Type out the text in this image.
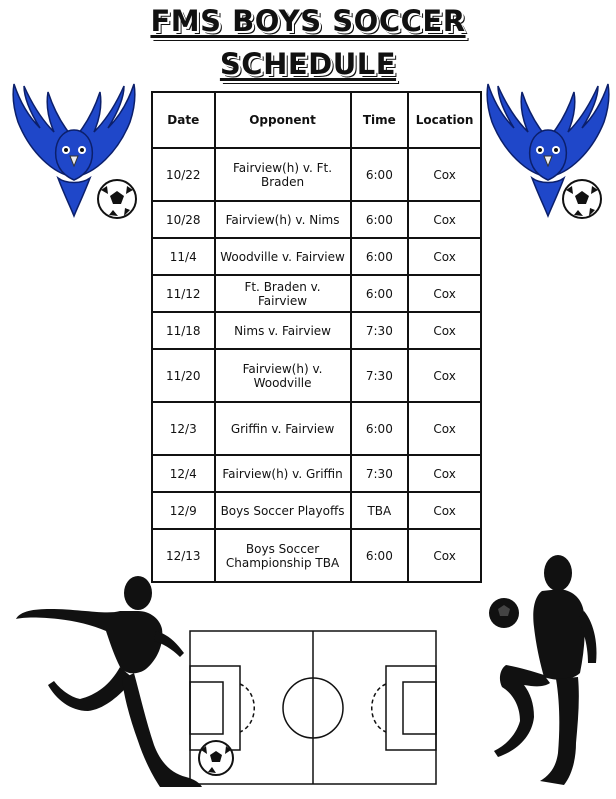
FMS BOYS SOCCER
SCHEDULE
Date	Opponent	Time	Location
10/22	Fairview(h) v. Ft. Braden	6:00	Cox
10/28	Fairview(h) v. Nims	6:00	Cox
11/4	Woodville v. Fairview	6:00	Cox
11/12	Ft. Braden v. Fairview	6:00	Cox
11/18	Nims v. Fairview	7:30	Cox
11/20	Fairview(h) v. Woodville	7:30	Cox
12/3	Griffin v. Fairview	6:00	Cox
12/4	Fairview(h) v. Griffin	7:30	Cox
12/9	Boys Soccer Playoffs	TBA	Cox
12/13	Boys Soccer Championship TBA	6:00	Cox
